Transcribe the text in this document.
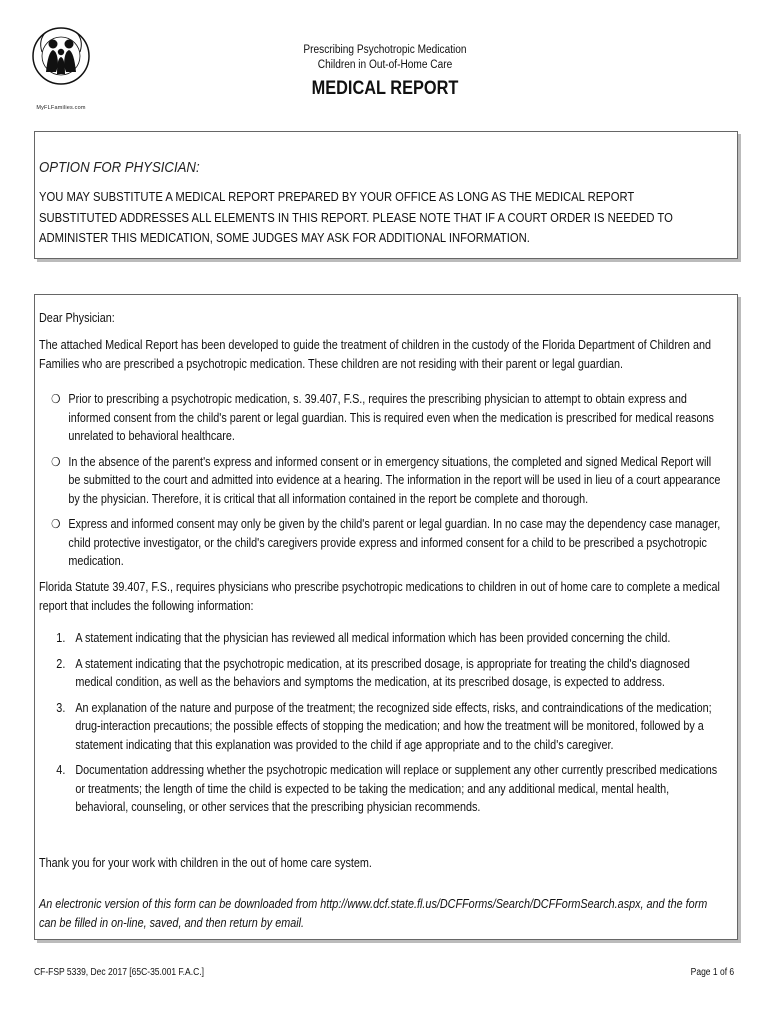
MyFLFamilies.com
Prescribing Psychotropic Medication
Children in Out-of-Home Care
MEDICAL REPORT
OPTION FOR PHYSICIAN:
YOU MAY SUBSTITUTE A MEDICAL REPORT PREPARED BY YOUR OFFICE AS LONG AS THE MEDICAL REPORT SUBSTITUTED ADDRESSES ALL ELEMENTS IN THIS REPORT. PLEASE NOTE THAT IF A COURT ORDER IS NEEDED TO ADMINISTER THIS MEDICATION, SOME JUDGES MAY ASK FOR ADDITIONAL INFORMATION.

Dear Physician:

The attached Medical Report has been developed to guide the treatment of children in the custody of the Florida Department of Children and Families who are prescribed a psychotropic medication. These children are not residing with their parent or legal guardian.

❍ Prior to prescribing a psychotropic medication, s. 39.407, F.S., requires the prescribing physician to attempt to obtain express and informed consent from the child's parent or legal guardian. This is required even when the medication is prescribed for medical reasons unrelated to behavioral healthcare.
❍ In the absence of the parent's express and informed consent or in emergency situations, the completed and signed Medical Report will be submitted to the court and admitted into evidence at a hearing. The information in the report will be used in lieu of a court appearance by the physician. Therefore, it is critical that all information contained in the report be complete and thorough.
❍ Express and informed consent may only be given by the child's parent or legal guardian. In no case may the dependency case manager, child protective investigator, or the child's caregivers provide express and informed consent for a child to be prescribed a psychotropic medication.

Florida Statute 39.407, F.S., requires physicians who prescribe psychotropic medications to children in out of home care to complete a medical report that includes the following information:

1. A statement indicating that the physician has reviewed all medical information which has been provided concerning the child.
2. A statement indicating that the psychotropic medication, at its prescribed dosage, is appropriate for treating the child's diagnosed medical condition, as well as the behaviors and symptoms the medication, at its prescribed dosage, is expected to address.
3. An explanation of the nature and purpose of the treatment; the recognized side effects, risks, and contraindications of the medication; drug-interaction precautions; the possible effects of stopping the medication; and how the treatment will be monitored, followed by a statement indicating that this explanation was provided to the child if age appropriate and to the child's caregiver.
4. Documentation addressing whether the psychotropic medication will replace or supplement any other currently prescribed medications or treatments; the length of time the child is expected to be taking the medication; and any additional medical, mental health, behavioral, counseling, or other services that the prescribing physician recommends.

Thank you for your work with children in the out of home care system.

An electronic version of this form can be downloaded from http://www.dcf.state.fl.us/DCFForms/Search/DCFFormSearch.aspx, and the form can be filled in on-line, saved, and then return by email.

CF-FSP 5339, Dec 2017 [65C-35.001 F.A.C.]	Page 1 of 6
